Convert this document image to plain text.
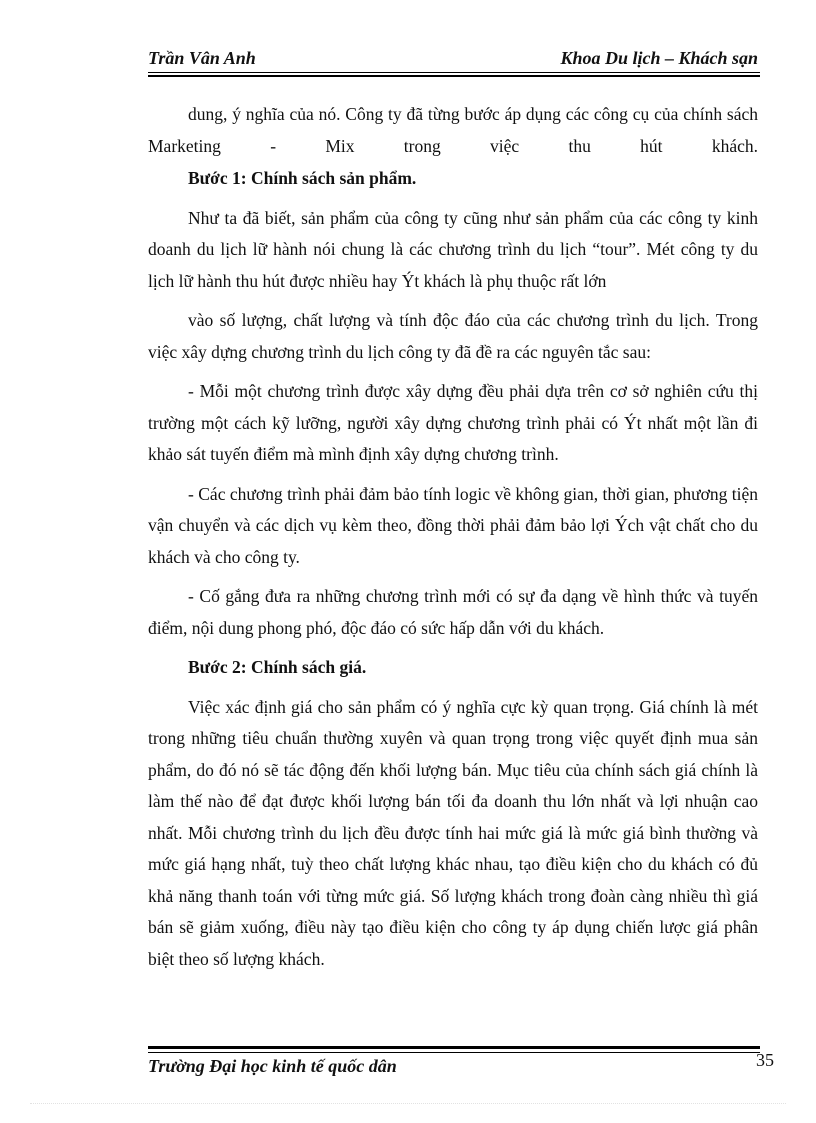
Trần Vân Anh	Khoa Du lịch – Khách sạn

dung, ý nghĩa của nó. Công ty đã từng bước áp dụng các công cụ của chính sách Marketing - Mix trong việc thu hút khách.

Bước 1: Chính sách sản phẩm.

Như ta đã biết, sản phẩm của công ty cũng như sản phẩm của các công ty kinh doanh du lịch lữ hành nói chung là các chương trình du lịch “tour”. Mét công ty du lịch lữ hành thu hút được nhiều hay Ýt khách là phụ thuộc rất lớn

vào số lượng, chất lượng và tính độc đáo của các chương trình du lịch. Trong việc xây dựng chương trình du lịch công ty đã đề ra các nguyên tắc sau:

- Mỗi một chương trình được xây dựng đều phải dựa trên cơ sở nghiên cứu thị trường một cách kỹ lưỡng, người xây dựng chương trình phải có Ýt nhất một lần đi khảo sát tuyến điểm mà mình định xây dựng chương trình.

- Các chương trình phải đảm bảo tính logic về không gian, thời gian, phương tiện vận chuyển và các dịch vụ kèm theo, đồng thời phải đảm bảo lợi Ých vật chất cho du khách và cho công ty.

- Cố gắng đưa ra những chương trình mới có sự đa dạng về hình thức và tuyến điểm, nội dung phong phó, độc đáo có sức hấp dẫn với du khách.

Bước 2: Chính sách giá.

Việc xác định giá cho sản phẩm có ý nghĩa cực kỳ quan trọng. Giá chính là mét trong những tiêu chuẩn thường xuyên và quan trọng trong việc quyết định mua sản phẩm, do đó nó sẽ tác động đến khối lượng bán. Mục tiêu của chính sách giá chính là làm thế nào để đạt được khối lượng bán tối đa doanh thu lớn nhất và lợi nhuận cao nhất. Mỗi chương trình du lịch đều được tính hai mức giá là mức giá bình thường và mức giá hạng nhất, tuỳ theo chất lượng khác nhau, tạo điều kiện cho du khách có đủ khả năng thanh toán với từng mức giá. Số lượng khách trong đoàn càng nhiều thì giá bán sẽ giảm xuống, điều này tạo điều kiện cho công ty áp dụng chiến lược giá phân biệt theo số lượng khách.

Trường Đại học kinh tế quốc dân	35
